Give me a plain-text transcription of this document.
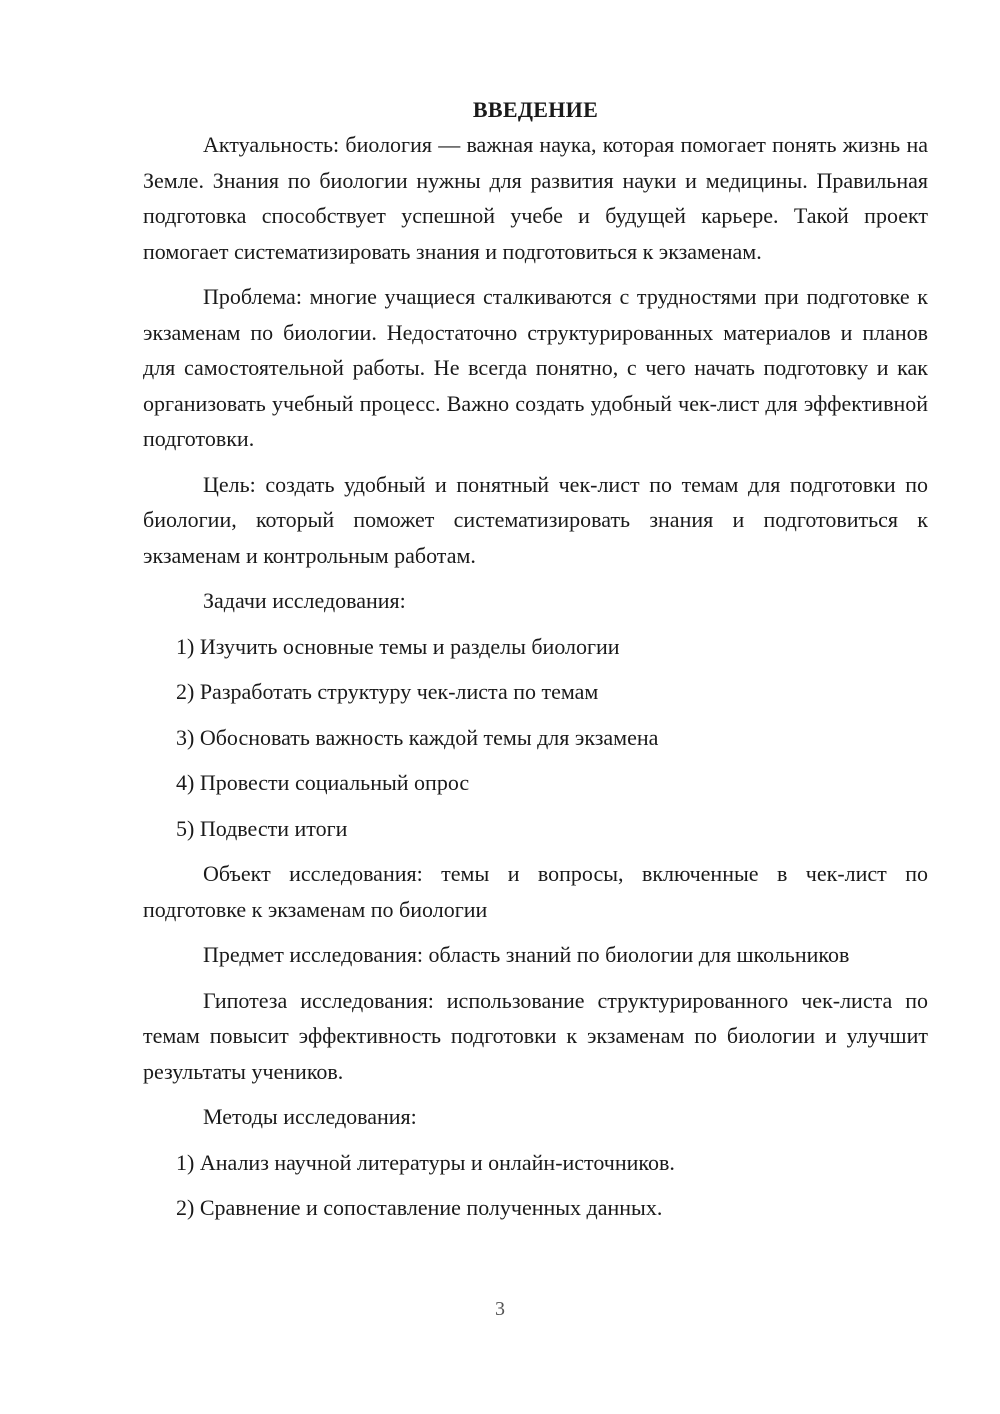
ВВЕДЕНИЕ

Актуальность: биология — важная наука, которая помогает понять жизнь на Земле. Знания по биологии нужны для развития науки и медицины. Правильная подготовка способствует успешной учебе и будущей карьере. Такой проект помогает систематизировать знания и подготовиться к экзаменам.

Проблема: многие учащиеся сталкиваются с трудностями при подготовке к экзаменам по биологии. Недостаточно структурированных материалов и планов для самостоятельной работы. Не всегда понятно, с чего начать подготовку и как организовать учебный процесс. Важно создать удобный чек-лист для эффективной подготовки.

Цель: создать удобный и понятный чек-лист по темам для подготовки по биологии, который поможет систематизировать знания и подготовиться к экзаменам и контрольным работам.

Задачи исследования:
1) Изучить основные темы и разделы биологии
2) Разработать структуру чек-листа по темам
3) Обосновать важность каждой темы для экзамена
4) Провести социальный опрос
5) Подвести итоги

Объект исследования: темы и вопросы, включенные в чек-лист по подготовке к экзаменам по биологии

Предмет исследования: область знаний по биологии для школьников

Гипотеза исследования: использование структурированного чек-листа по темам повысит эффективность подготовки к экзаменам по биологии и улучшит результаты учеников.

Методы исследования:
1) Анализ научной литературы и онлайн-источников.
2) Сравнение и сопоставление полученных данных.
3
